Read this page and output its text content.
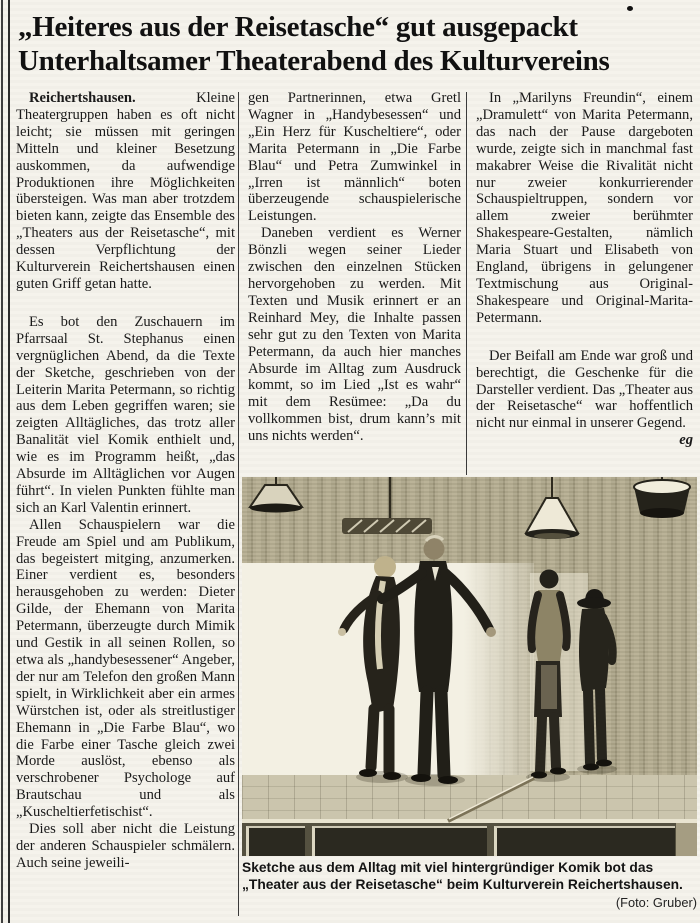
„Heiteres aus der Reisetasche“ gut ausgepackt
Unterhaltsamer Theaterabend des Kulturvereins

Reichertshausen. Kleine Theatergruppen haben es oft nicht leicht; sie müssen mit geringen Mitteln und kleiner Besetzung auskommen, da aufwendige Produktionen ihre Möglichkeiten übersteigen. Was man aber trotzdem bieten kann, zeigte das Ensemble des „Theaters aus der Reisetasche“, mit dessen Verpflichtung der Kulturverein Reichertshausen einen guten Griff getan hatte.

Es bot den Zuschauern im Pfarrsaal St. Stephanus einen vergnüglichen Abend, da die Texte der Sketche, geschrieben von der Leiterin Marita Petermann, so richtig aus dem Leben gegriffen waren; sie zeigten Alltägliches, das trotz aller Banalität viel Komik enthielt und, wie es im Programm heißt, „das Absurde im Alltäglichen vor Augen führt“. In vielen Punkten fühlte man sich an Karl Valentin erinnert.

Allen Schauspielern war die Freude am Spiel und am Publikum, das begeistert mitging, anzumerken. Einer verdient es, besonders herausgehoben zu werden: Dieter Gilde, der Ehemann von Marita Petermann, überzeugte durch Mimik und Gestik in all seinen Rollen, so etwa als „handybesessener“ Angeber, der nur am Telefon den großen Mann spielt, in Wirklichkeit aber ein armes Würstchen ist, oder als streitlustiger Ehemann in „Die Farbe Blau“, wo die Farbe einer Tasche gleich zwei Morde auslöst, ebenso als verschrobener Psychologe auf Brautschau und als „Kuscheltierfetischist“.

Dies soll aber nicht die Leistung der anderen Schauspieler schmälern. Auch seine jeweili-

gen Partnerinnen, etwa Gretl Wagner in „Handybesessen“ und „Ein Herz für Kuscheltiere“, oder Marita Petermann in „Die Farbe Blau“ und Petra Zumwinkel in „Irren ist männlich“ boten überzeugende schauspielerische Leistungen.

Daneben verdient es Werner Bönzli wegen seiner Lieder zwischen den einzelnen Stücken hervorgehoben zu werden. Mit Texten und Musik erinnert er an Reinhard Mey, die Inhalte passen sehr gut zu den Texten von Marita Petermann, da auch hier manches Absurde im Alltag zum Ausdruck kommt, so im Lied „Ist es wahr“ mit dem Resümee: „Da du vollkommen bist, drum kann’s mit uns nichts werden“.

In „Marilyns Freundin“, einem „Dramulett“ von Marita Petermann, das nach der Pause dargeboten wurde, zeigte sich in manchmal fast makabrer Weise die Rivalität nicht nur zweier konkurrierender Schauspieltruppen, sondern vor allem zweier berühmter Shakespeare-Gestalten, nämlich Maria Stuart und Elisabeth von England, übrigens in gelungener Textmischung aus Original-Shakespeare und Original-Marita-Petermann.

Der Beifall am Ende war groß und berechtigt, die Geschenke für die Darsteller verdient. Das „Theater aus der Reisetasche“ war hoffentlich nicht nur einmal in unserer Gegend.
eg

Sketche aus dem Alltag mit viel hintergründiger Komik bot das „Theater aus der Reisetasche“ beim Kulturverein Reichertshausen.

(Foto: Gruber)
